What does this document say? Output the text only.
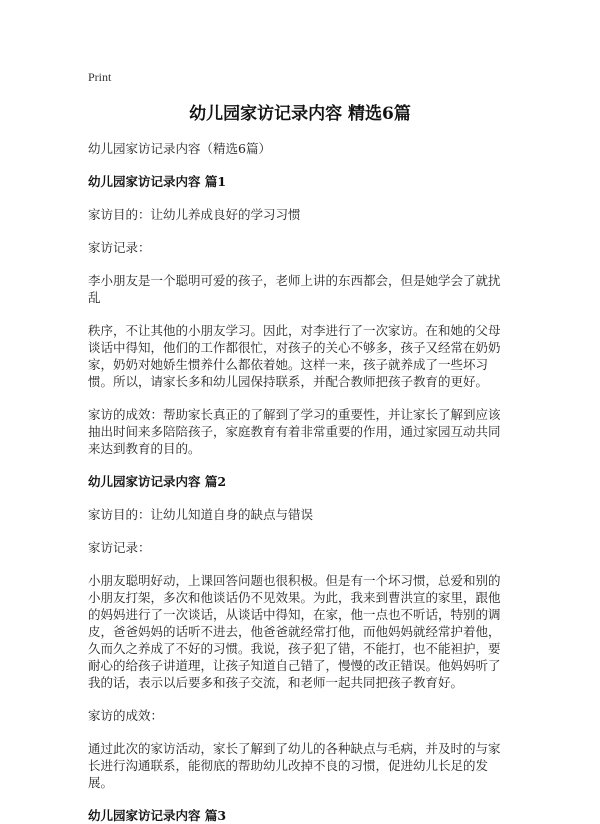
Print
幼儿园家访记录内容 精选6篇

幼儿园家访记录内容（精选6篇）

幼儿园家访记录内容 篇1

家访目的：让幼儿养成良好的学习习惯

家访记录：

李小朋友是一个聪明可爱的孩子，老师上讲的东西都会，但是她学会了就扰乱

秩序，不让其他的小朋友学习。因此，对李进行了一次家访。在和她的父母谈话中得知，他们的工作都很忙，对孩子的关心不够多，孩子又经常在奶奶家，奶奶对她娇生惯养什么都依着她。这样一来，孩子就养成了一些坏习惯。所以，请家长多和幼儿园保持联系，并配合教师把孩子教育的更好。

家访的成效：帮助家长真正的了解到了学习的重要性，并让家长了解到应该抽出时间来多陪陪孩子，家庭教育有着非常重要的作用，通过家园互动共同来达到教育的目的。

幼儿园家访记录内容 篇2

家访目的：让幼儿知道自身的缺点与错误

家访记录：

小朋友聪明好动，上课回答问题也很积极。但是有一个坏习惯，总爱和别的小朋友打架，多次和他谈话仍不见效果。为此，我来到曹洪宣的家里，跟他的妈妈进行了一次谈话，从谈话中得知，在家，他一点也不听话，特别的调皮，爸爸妈妈的话听不进去，他爸爸就经常打他，而他妈妈就经常护着他，久而久之养成了不好的习惯。我说，孩子犯了错，不能打，也不能袒护，要耐心的给孩子讲道理，让孩子知道自己错了，慢慢的改正错误。他妈妈听了我的话，表示以后要多和孩子交流，和老师一起共同把孩子教育好。

家访的成效：

通过此次的家访活动，家长了解到了幼儿的各种缺点与毛病，并及时的与家长进行沟通联系，能彻底的帮助幼儿改掉不良的习惯，促进幼儿长足的发展。

幼儿园家访记录内容 篇3
